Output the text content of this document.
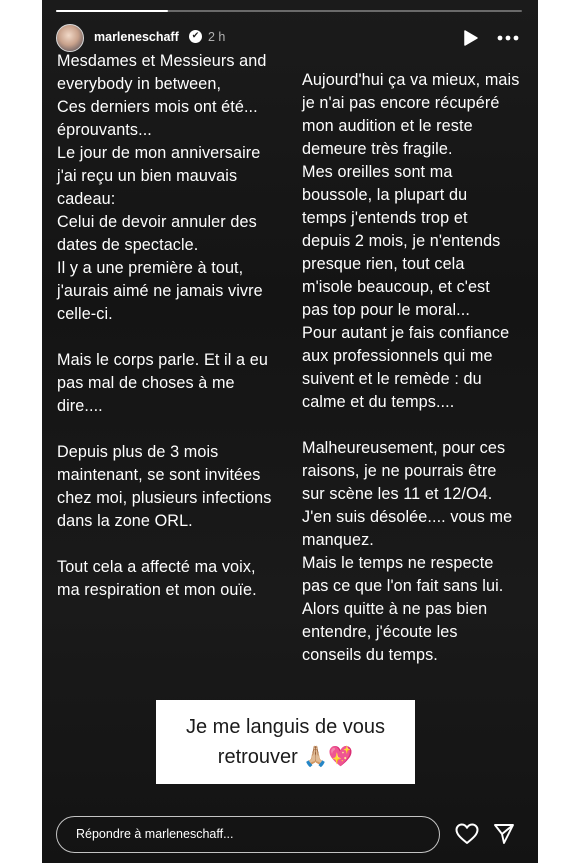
marleneschaff	✔ 2 h
Mesdames et Messieurs and
everybody in between,
Ces derniers mois ont été...
éprouvants...
Le jour de mon anniversaire
j'ai reçu un bien mauvais
cadeau:
Celui de devoir annuler des
dates de spectacle.
Il y a une première à tout,
j'aurais aimé ne jamais vivre
celle-ci.

Mais le corps parle. Et il a eu
pas mal de choses à me
dire....

Depuis plus de 3 mois
maintenant, se sont invitées
chez moi, plusieurs infections
dans la zone ORL.

Tout cela a affecté ma voix,
ma respiration et mon ouïe.
Aujourd'hui ça va mieux, mais
je n'ai pas encore récupéré
mon audition et le reste
demeure très fragile.
Mes oreilles sont ma
boussole, la plupart du
temps j'entends trop et
depuis 2 mois, je n'entends
presque rien, tout cela
m'isole beaucoup, et c'est
pas top pour le moral...
Pour autant je fais confiance
aux professionnels qui me
suivent et le remède : du
calme et du temps....

Malheureusement, pour ces
raisons, je ne pourrais être
sur scène les 11 et 12/O4.
J'en suis désolée.... vous me
manquez.
Mais le temps ne respecte
pas ce que l'on fait sans lui.
Alors quitte à ne pas bien
entendre, j'écoute les
conseils du temps.
Je me languis de vous
retrouver 🙏🏼💖
Répondre à marleneschaff...
